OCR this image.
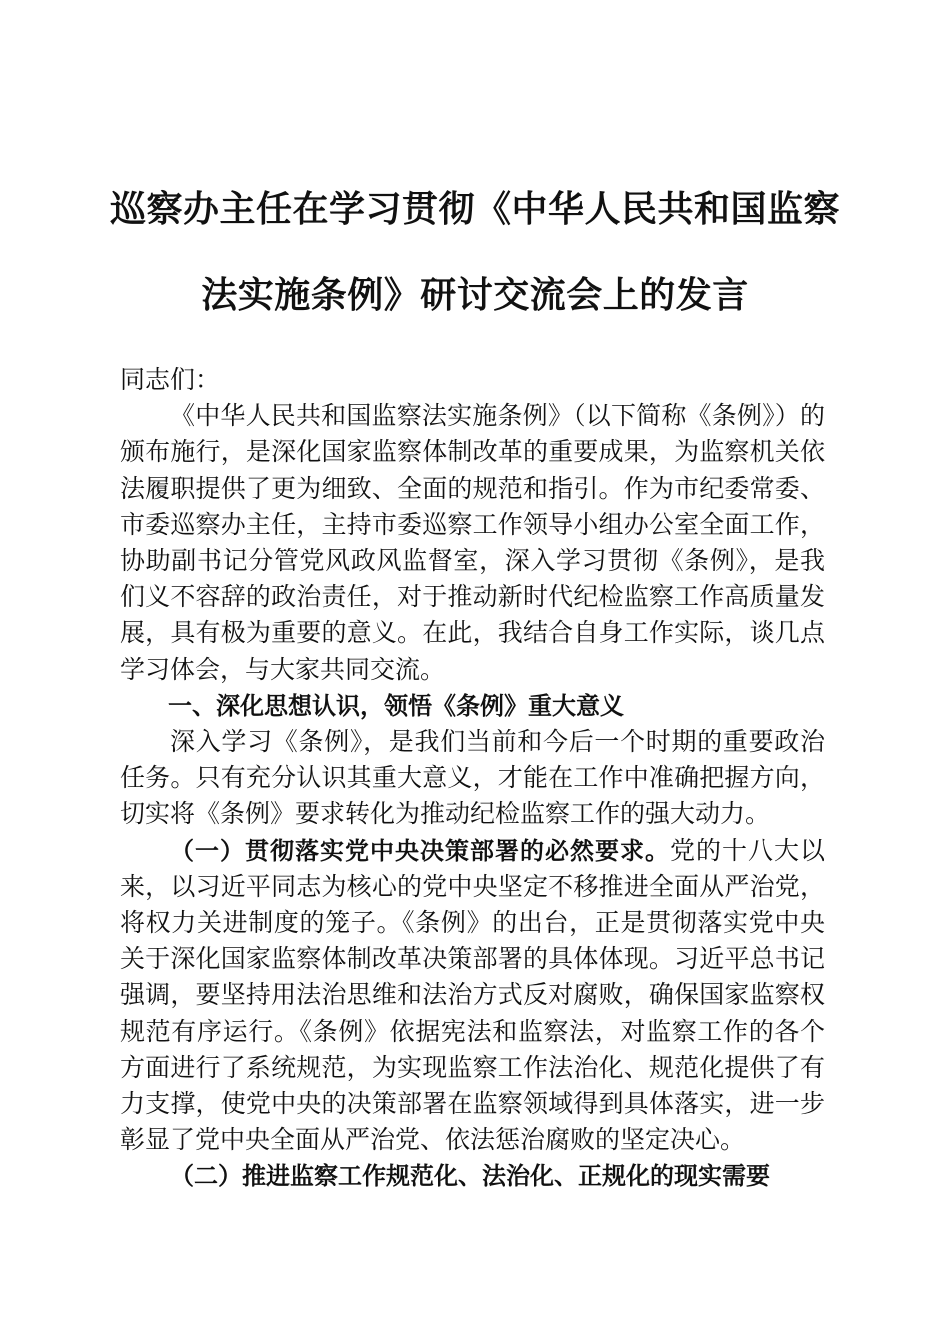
巡察办主任在学习贯彻《中华人民共和国监察
法实施条例》研讨交流会上的发言

同志们：

《中华人民共和国监察法实施条例》（以下简称《条例》）的颁布施行，是深化国家监察体制改革的重要成果，为监察机关依法履职提供了更为细致、全面的规范和指引。作为市纪委常委、市委巡察办主任，主持市委巡察工作领导小组办公室全面工作，协助副书记分管党风政风监督室，深入学习贯彻《条例》，是我们义不容辞的政治责任，对于推动新时代纪检监察工作高质量发展，具有极为重要的意义。在此，我结合自身工作实际，谈几点学习体会，与大家共同交流。

一、深化思想认识，领悟《条例》重大意义

深入学习《条例》，是我们当前和今后一个时期的重要政治任务。只有充分认识其重大意义，才能在工作中准确把握方向，切实将《条例》要求转化为推动纪检监察工作的强大动力。

（一）贯彻落实党中央决策部署的必然要求。党的十八大以来，以习近平同志为核心的党中央坚定不移推进全面从严治党，将权力关进制度的笼子。《条例》的出台，正是贯彻落实党中央关于深化国家监察体制改革决策部署的具体体现。习近平总书记强调，要坚持用法治思维和法治方式反对腐败，确保国家监察权规范有序运行。《条例》依据宪法和监察法，对监察工作的各个方面进行了系统规范，为实现监察工作法治化、规范化提供了有力支撑，使党中央的决策部署在监察领域得到具体落实，进一步彰显了党中央全面从严治党、依法惩治腐败的坚定决心。

（二）推进监察工作规范化、法治化、正规化的现实需要
